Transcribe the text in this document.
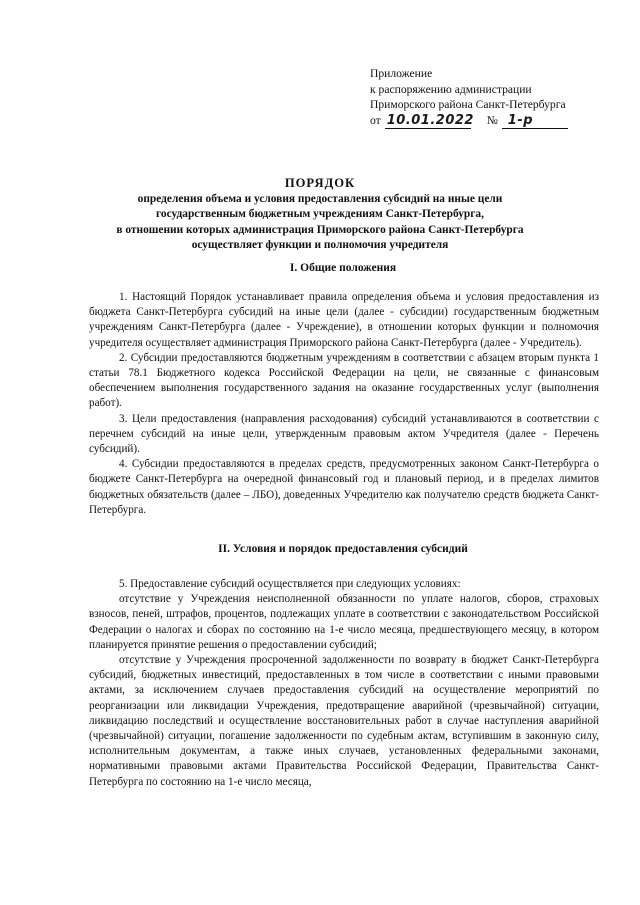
Приложение
к распоряжению администрации
Приморского района Санкт-Петербурга
от 10.01.2022 № 1-р
ПОРЯДОК
определения объема и условия предоставления субсидий на иные цели
государственным бюджетным учреждениям Санкт-Петербурга,
в отношении которых администрация Приморского района Санкт-Петербурга
осуществляет функции и полномочия учредителя
I. Общие положения

1. Настоящий Порядок устанавливает правила определения объема и условия предоставления из бюджета Санкт-Петербурга субсидий на иные цели (далее - субсидии) государственным бюджетным учреждениям Санкт-Петербурга (далее - Учреждение), в отношении которых функции и полномочия учредителя осуществляет администрация Приморского района Санкт-Петербурга (далее - Учредитель).

2. Субсидии предоставляются бюджетным учреждениям в соответствии с абзацем вторым пункта 1 статьи 78.1 Бюджетного кодекса Российской Федерации на цели, не связанные с финансовым обеспечением выполнения государственного задания на оказание государственных услуг (выполнения работ).

3. Цели предоставления (направления расходования) субсидий устанавливаются в соответствии с перечнем субсидий на иные цели, утвержденным правовым актом Учредителя (далее - Перечень субсидий).

4. Субсидии предоставляются в пределах средств, предусмотренных законом Санкт-Петербурга о бюджете Санкт-Петербурга на очередной финансовый год и плановый период, и в пределах лимитов бюджетных обязательств (далее – ЛБО), доведенных Учредителю как получателю средств бюджета Санкт-Петербурга.

II. Условия и порядок предоставления субсидий

5. Предоставление субсидий осуществляется при следующих условиях:

отсутствие у Учреждения неисполненной обязанности по уплате налогов, сборов, страховых взносов, пеней, штрафов, процентов, подлежащих уплате в соответствии с законодательством Российской Федерации о налогах и сборах по состоянию на 1-е число месяца, предшествующего месяцу, в котором планируется принятие решения о предоставлении субсидий;

отсутствие у Учреждения просроченной задолженности по возврату в бюджет Санкт-Петербурга субсидий, бюджетных инвестиций, предоставленных в том числе в соответствии с иными правовыми актами, за исключением случаев предоставления субсидий на осуществление мероприятий по реорганизации или ликвидации Учреждения, предотвращение аварийной (чрезвычайной) ситуации, ликвидацию последствий и осуществление восстановительных работ в случае наступления аварийной (чрезвычайной) ситуации, погашение задолженности по судебным актам, вступившим в законную силу, исполнительным документам, а также иных случаев, установленных федеральными законами, нормативными правовыми актами Правительства Российской Федерации, Правительства Санкт-Петербурга по состоянию на 1-е число месяца,
